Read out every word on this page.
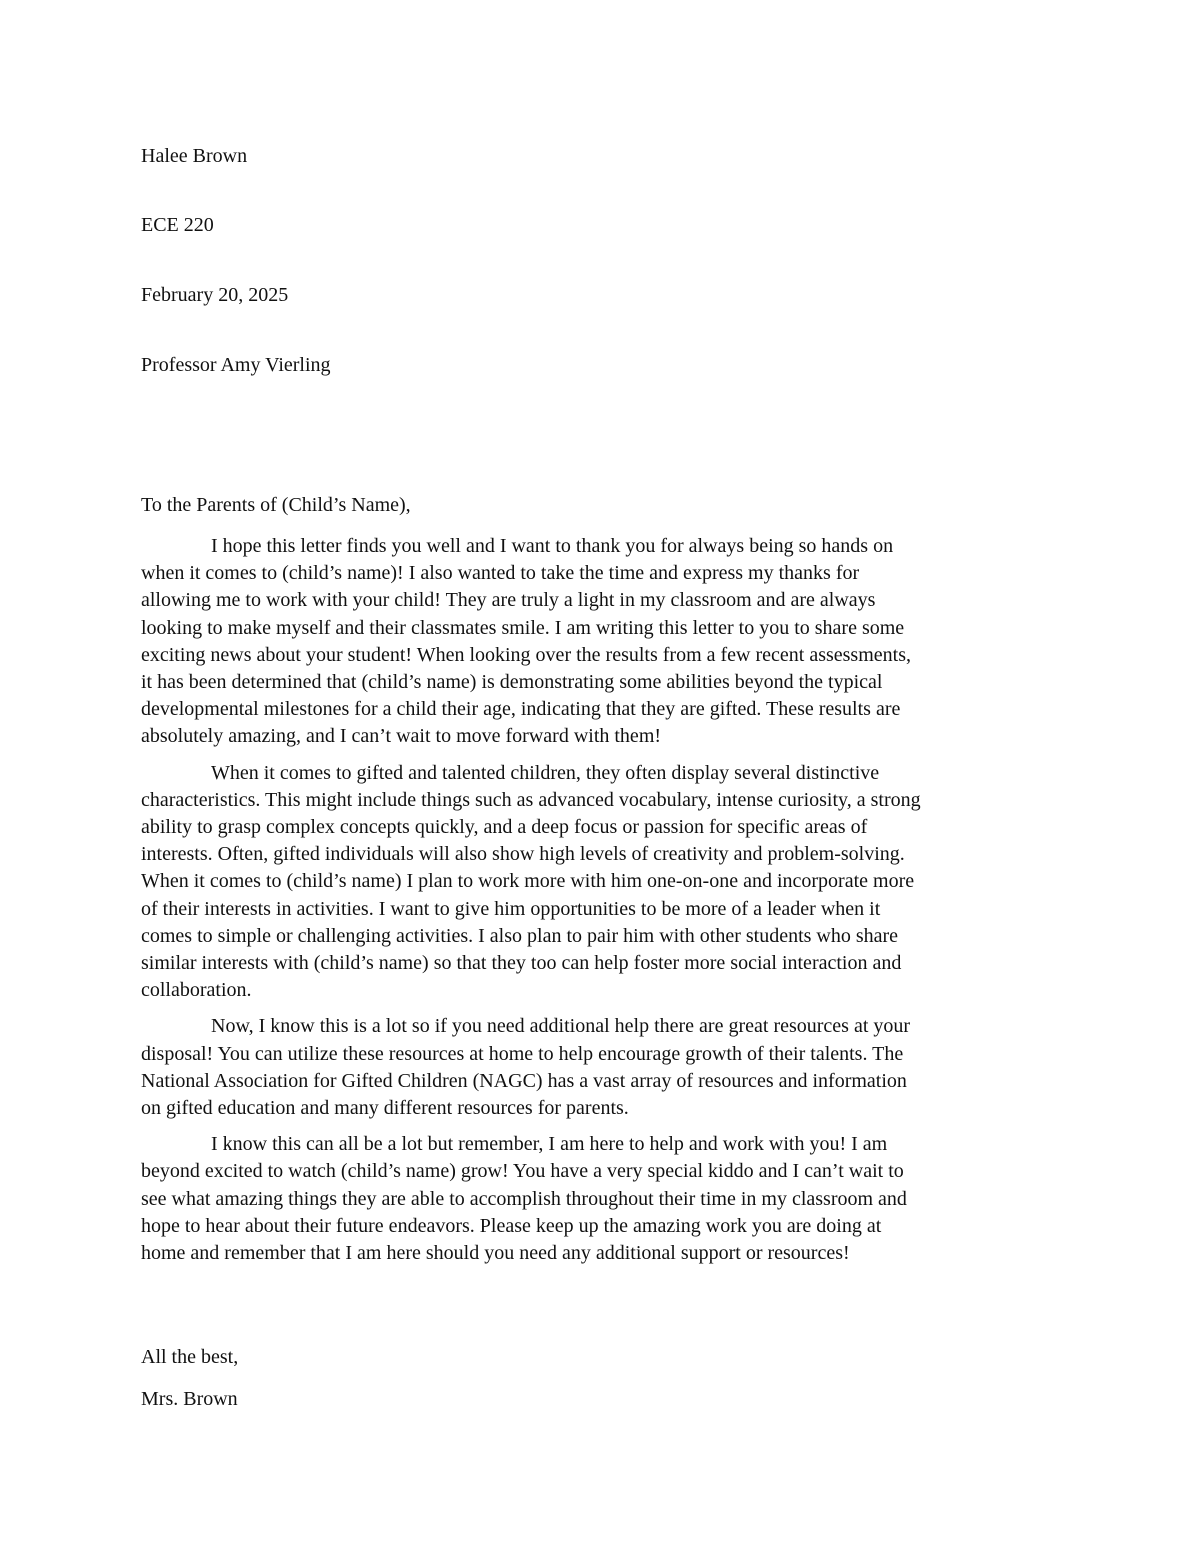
Halee Brown

ECE 220

February 20, 2025

Professor Amy Vierling

To the Parents of (Child’s Name),

I hope this letter finds you well and I want to thank you for always being so hands on
when it comes to (child’s name)! I also wanted to take the time and express my thanks for
allowing me to work with your child! They are truly a light in my classroom and are always
looking to make myself and their classmates smile. I am writing this letter to you to share some
exciting news about your student! When looking over the results from a few recent assessments,
it has been determined that (child’s name) is demonstrating some abilities beyond the typical
developmental milestones for a child their age, indicating that they are gifted. These results are
absolutely amazing, and I can’t wait to move forward with them!

When it comes to gifted and talented children, they often display several distinctive
characteristics. This might include things such as advanced vocabulary, intense curiosity, a strong
ability to grasp complex concepts quickly, and a deep focus or passion for specific areas of
interests. Often, gifted individuals will also show high levels of creativity and problem-solving.
When it comes to (child’s name) I plan to work more with him one-on-one and incorporate more
of their interests in activities. I want to give him opportunities to be more of a leader when it
comes to simple or challenging activities. I also plan to pair him with other students who share
similar interests with (child’s name) so that they too can help foster more social interaction and
collaboration.

Now, I know this is a lot so if you need additional help there are great resources at your
disposal! You can utilize these resources at home to help encourage growth of their talents. The
National Association for Gifted Children (NAGC) has a vast array of resources and information
on gifted education and many different resources for parents.

I know this can all be a lot but remember, I am here to help and work with you! I am
beyond excited to watch (child’s name) grow! You have a very special kiddo and I can’t wait to
see what amazing things they are able to accomplish throughout their time in my classroom and
hope to hear about their future endeavors. Please keep up the amazing work you are doing at
home and remember that I am here should you need any additional support or resources!

All the best,

Mrs. Brown
